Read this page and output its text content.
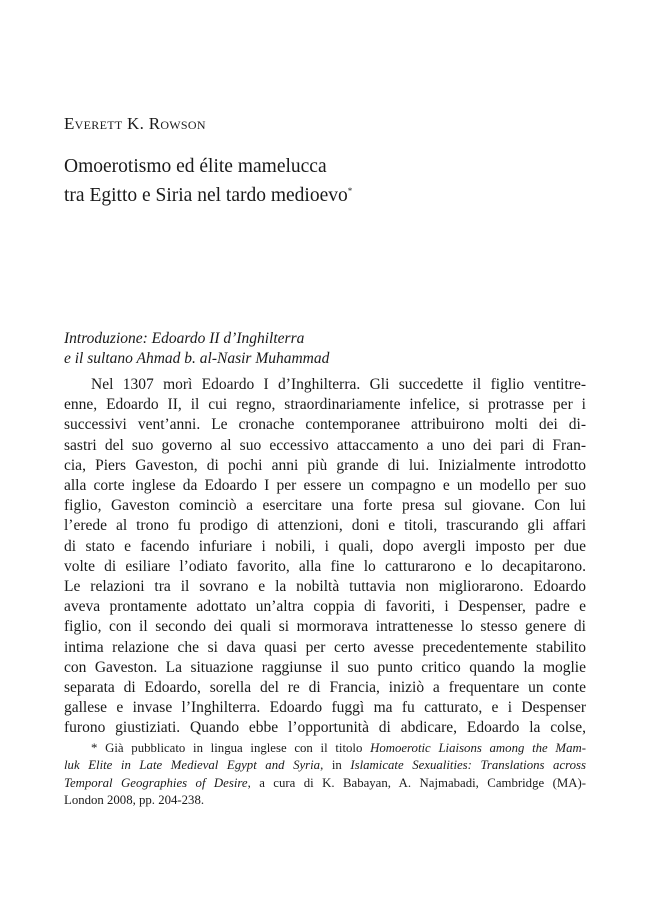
Everett K. Rowson
Omoerotismo ed élite mamelucca
tra Egitto e Siria nel tardo medioevo*
Introduzione: Edoardo II d’Inghilterra
e il sultano Ahmad b. al-Nasir Muhammad
Nel 1307 morì Edoardo I d’Inghilterra. Gli succedette il figlio ventitre-
enne, Edoardo II, il cui regno, straordinariamente infelice, si protrasse per i
successivi vent’anni. Le cronache contemporanee attribuirono molti dei di-
sastri del suo governo al suo eccessivo attaccamento a uno dei pari di Fran-
cia, Piers Gaveston, di pochi anni più grande di lui. Inizialmente introdotto
alla corte inglese da Edoardo I per essere un compagno e un modello per suo
figlio, Gaveston cominciò a esercitare una forte presa sul giovane. Con lui
l’erede al trono fu prodigo di attenzioni, doni e titoli, trascurando gli affari
di stato e facendo infuriare i nobili, i quali, dopo avergli imposto per due
volte di esiliare l’odiato favorito, alla fine lo catturarono e lo decapitarono.
Le relazioni tra il sovrano e la nobiltà tuttavia non migliorarono. Edoardo
aveva prontamente adottato un’altra coppia di favoriti, i Despenser, padre e
figlio, con il secondo dei quali si mormorava intrattenesse lo stesso genere di
intima relazione che si dava quasi per certo avesse precedentemente stabilito
con Gaveston. La situazione raggiunse il suo punto critico quando la moglie
separata di Edoardo, sorella del re di Francia, iniziò a frequentare un conte
gallese e invase l’Inghilterra. Edoardo fuggì ma fu catturato, e i Despenser
furono giustiziati. Quando ebbe l’opportunità di abdicare, Edoardo la colse,
* Già pubblicato in lingua inglese con il titolo Homoerotic Liaisons among the Mam-
luk Elite in Late Medieval Egypt and Syria, in Islamicate Sexualities: Translations across
Temporal Geographies of Desire, a cura di K. Babayan, A. Najmabadi, Cambridge (MA)-
London 2008, pp. 204-238.
